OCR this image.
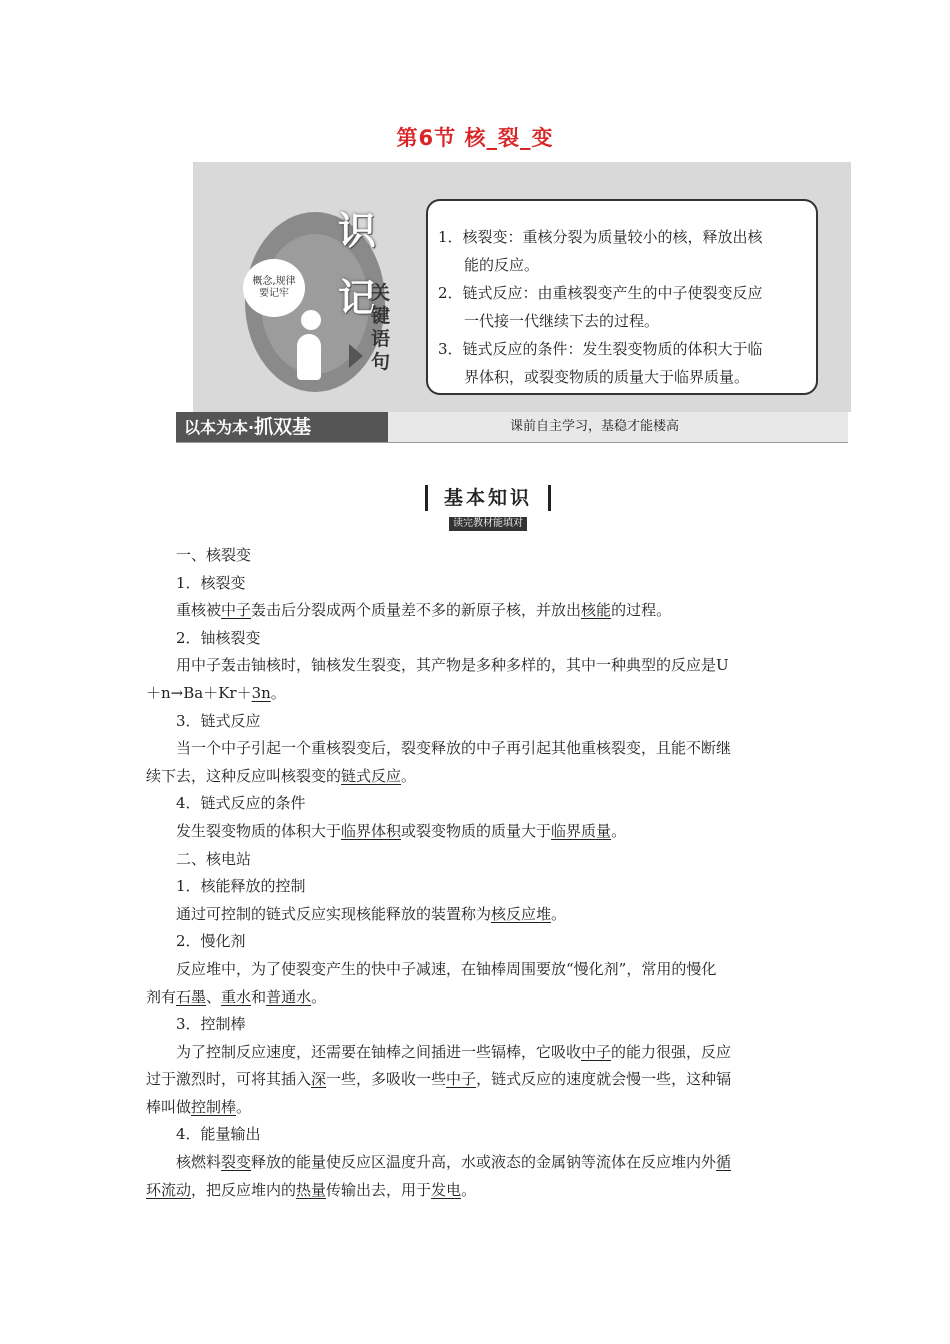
第6节 核_裂_变
概念,规律
要记牢
识
记
关键语句
1．核裂变：重核分裂为质量较小的核，释放出核
能的反应。
2．链式反应：由重核裂变产生的中子使裂变反应
一代接一代继续下去的过程。
3．链式反应的条件：发生裂变物质的体积大于临
界体积，或裂变物质的质量大于临界质量。
以本为本·抓双基	课前自主学习，基稳才能楼高
基本知识
读完教材能填对
一、核裂变
1．核裂变
重核被中子轰击后分裂成两个质量差不多的新原子核，并放出核能的过程。
2．铀核裂变
用中子轰击铀核时，铀核发生裂变，其产物是多种多样的，其中一种典型的反应是U
＋n→Ba＋Kr＋3n。
3．链式反应
当一个中子引起一个重核裂变后，裂变释放的中子再引起其他重核裂变，且能不断继
续下去，这种反应叫核裂变的链式反应。
4．链式反应的条件
发生裂变物质的体积大于临界体积或裂变物质的质量大于临界质量。
二、核电站
1．核能释放的控制
通过可控制的链式反应实现核能释放的装置称为核反应堆。
2．慢化剂
反应堆中，为了使裂变产生的快中子减速，在铀棒周围要放“慢化剂”，常用的慢化
剂有石墨、重水和普通水。
3．控制棒
为了控制反应速度，还需要在铀棒之间插进一些镉棒，它吸收中子的能力很强，反应
过于激烈时，可将其插入深一些，多吸收一些中子，链式反应的速度就会慢一些，这种镉
棒叫做控制棒。
4．能量输出
核燃料裂变释放的能量使反应区温度升高，水或液态的金属钠等流体在反应堆内外循
环流动，把反应堆内的热量传输出去，用于发电。
